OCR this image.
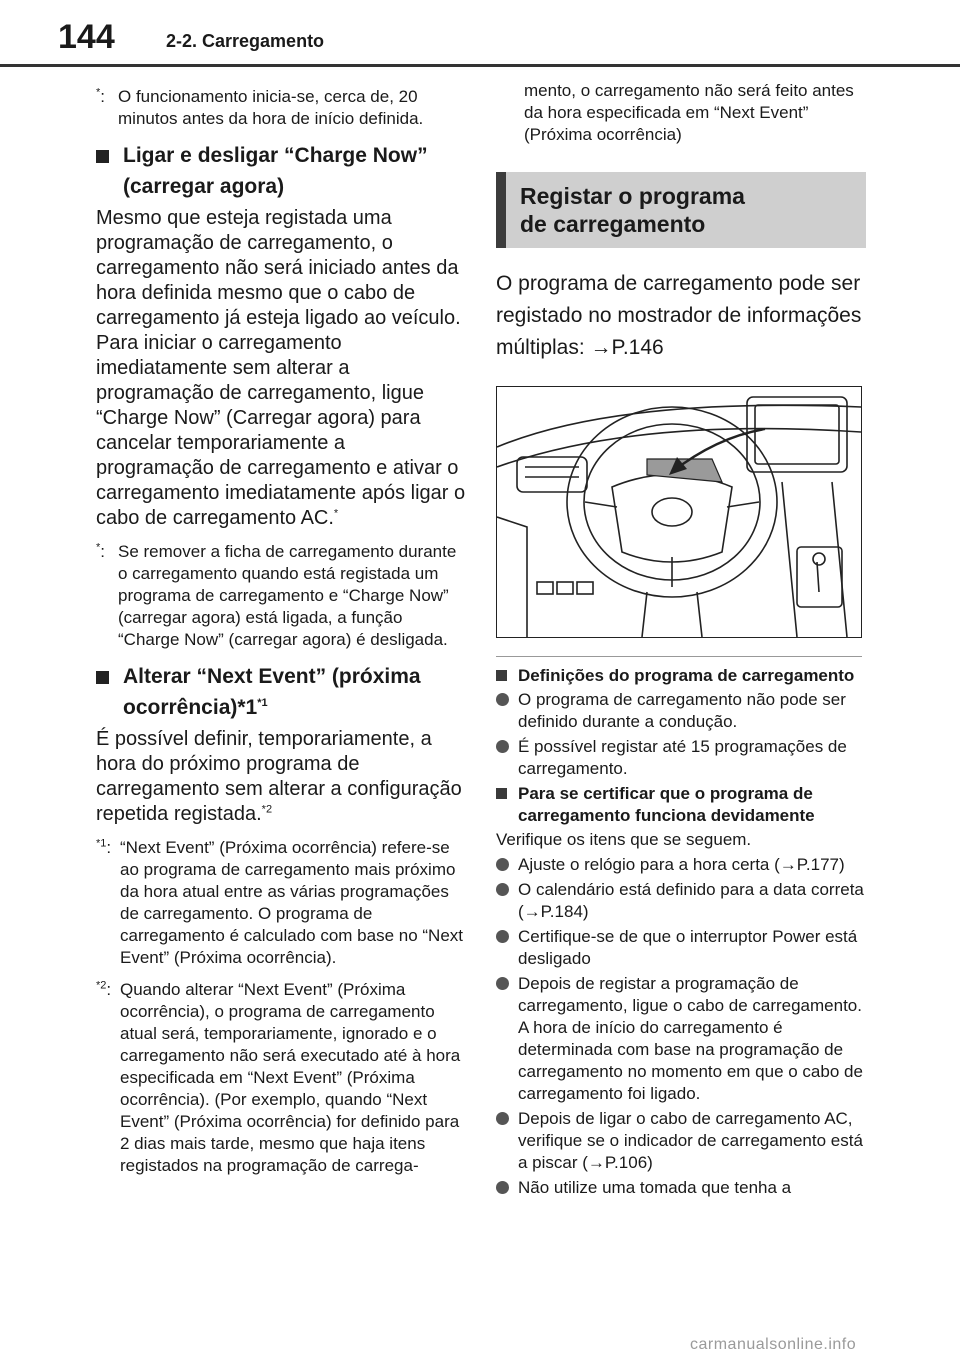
144	2-2. Carregamento
*: O funcionamento inicia-se, cerca de, 20 minutos antes da hora de início definida.
Ligar e desligar “Charge Now” (carregar agora)

Mesmo que esteja registada uma programação de carregamento, o carregamento não será iniciado antes da hora definida mesmo que o cabo de carregamento já esteja ligado ao veículo. Para iniciar o carregamento imediatamente sem alterar a programação de carregamento, ligue “Charge Now” (Carregar agora) para cancelar temporariamente a programação de carregamento e ativar o carregamento imediatamente após ligar o cabo de carregamento AC.*

*: Se remover a ficha de carregamento durante o carregamento quando está registada um programa de carregamento e “Charge Now” (carregar agora) está ligada, a função “Charge Now” (carregar agora) é desligada.
Alterar “Next Event” (próxima ocorrência)*1$^{*1}$

É possível definir, temporariamente, a hora do próximo programa de carregamento sem alterar a configuração repetida registada.$^{*2}$

$^{*1}$: “Next Event” (Próxima ocorrência) refere-se ao programa de carregamento mais próximo da hora atual entre as várias programações de carregamento. O programa de carregamento é calculado com base no “Next Event” (Próxima ocorrência).
$^{*2}$: Quando alterar “Next Event” (Próxima ocorrência), o programa de carregamento atual será, temporariamente, ignorado e o carregamento não será executado até à hora especificada em “Next Event” (Próxima ocorrência). (Por exemplo, quando “Next Event” (Próxima ocorrência) for definido para 2 dias mais tarde, mesmo que haja itens registados na programação de carrega-

mento, o carregamento não será feito antes da hora especificada em “Next Event” (Próxima ocorrência)

Registar o programa
de carregamento

O programa de carregamento pode ser registado no mostrador de informações múltiplas: →P.146

Definições do programa de carregamento
O programa de carregamento não pode ser definido durante a condução.
É possível registar até 15 programações de carregamento.
Para se certificar que o programa de carregamento funciona devidamente

Verifique os itens que se seguem.

Ajuste o relógio para a hora certa (→P.177)
O calendário está definido para a data correta (→P.184)
Certifique-se de que o interruptor Power está desligado
Depois de registar a programação de carregamento, ligue o cabo de carregamento. A hora de início do carregamento é determinada com base na programação de carregamento no momento em que o cabo de carregamento foi ligado.
Depois de ligar o cabo de carregamento AC, verifique se o indicador de carregamento está a piscar (→P.106)
Não utilize uma tomada que tenha a
carmanualsonline.info
